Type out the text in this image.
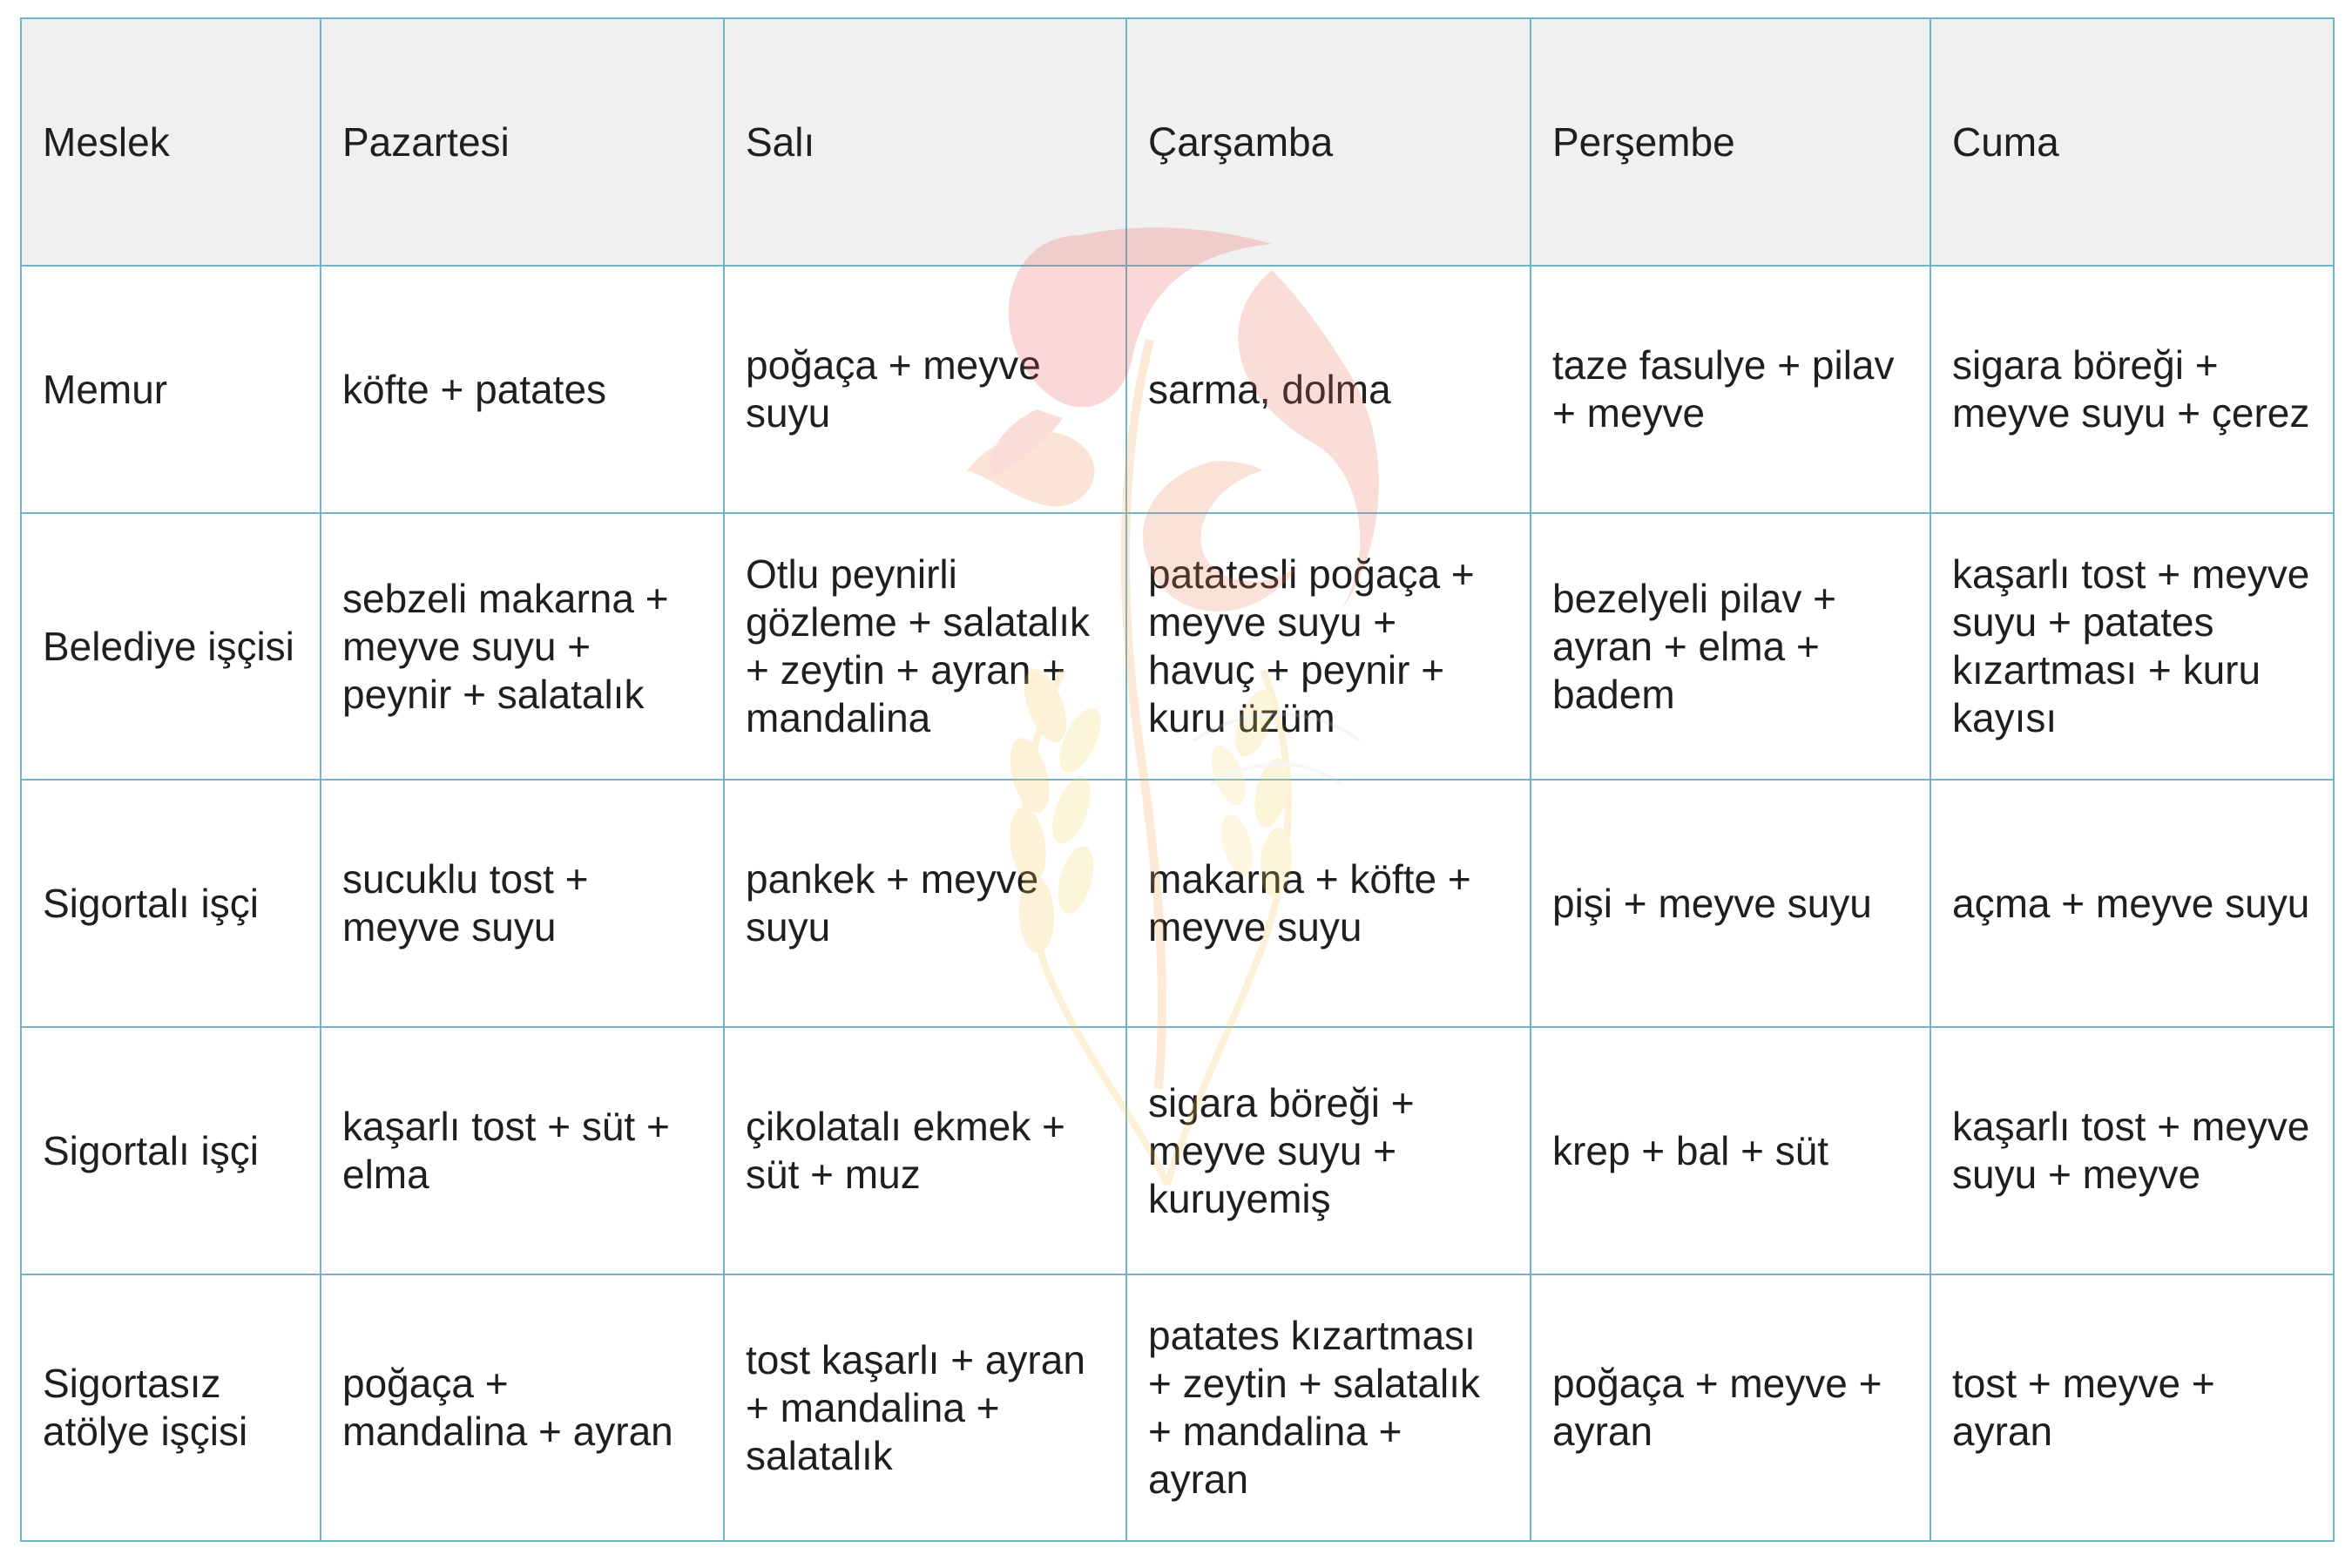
Meslek	Pazartesi	Salı	Çarşamba	Perşembe	Cuma
Memur	köfte + patates	poğaça + meyve suyu	sarma, dolma	taze fasulye + pilav + meyve	sigara böreği + meyve suyu + çerez
Belediye işçisi	sebzeli makarna + meyve suyu + peynir + salatalık	Otlu peynirli gözleme + salatalık + zeytin + ayran + mandalina	patatesli poğaça + meyve suyu + havuç + peynir + kuru üzüm	bezelyeli pilav + ayran + elma + badem	kaşarlı tost + meyve suyu + patates kızartması + kuru kayısı
Sigortalı işçi	sucuklu tost + meyve suyu	pankek + meyve suyu	makarna + köfte + meyve suyu	pişi + meyve suyu	açma + meyve suyu
Sigortalı işçi	kaşarlı tost + süt + elma	çikolatalı ekmek + süt + muz	sigara böreği + meyve suyu + kuruyemiş	krep + bal + süt	kaşarlı tost + meyve suyu + meyve
Sigortasız atölye işçisi	poğaça + mandalina + ayran	tost kaşarlı + ayran + mandalina + salatalık	patates kızartması + zeytin + salatalık + mandalina + ayran	poğaça + meyve + ayran	tost + meyve + ayran
